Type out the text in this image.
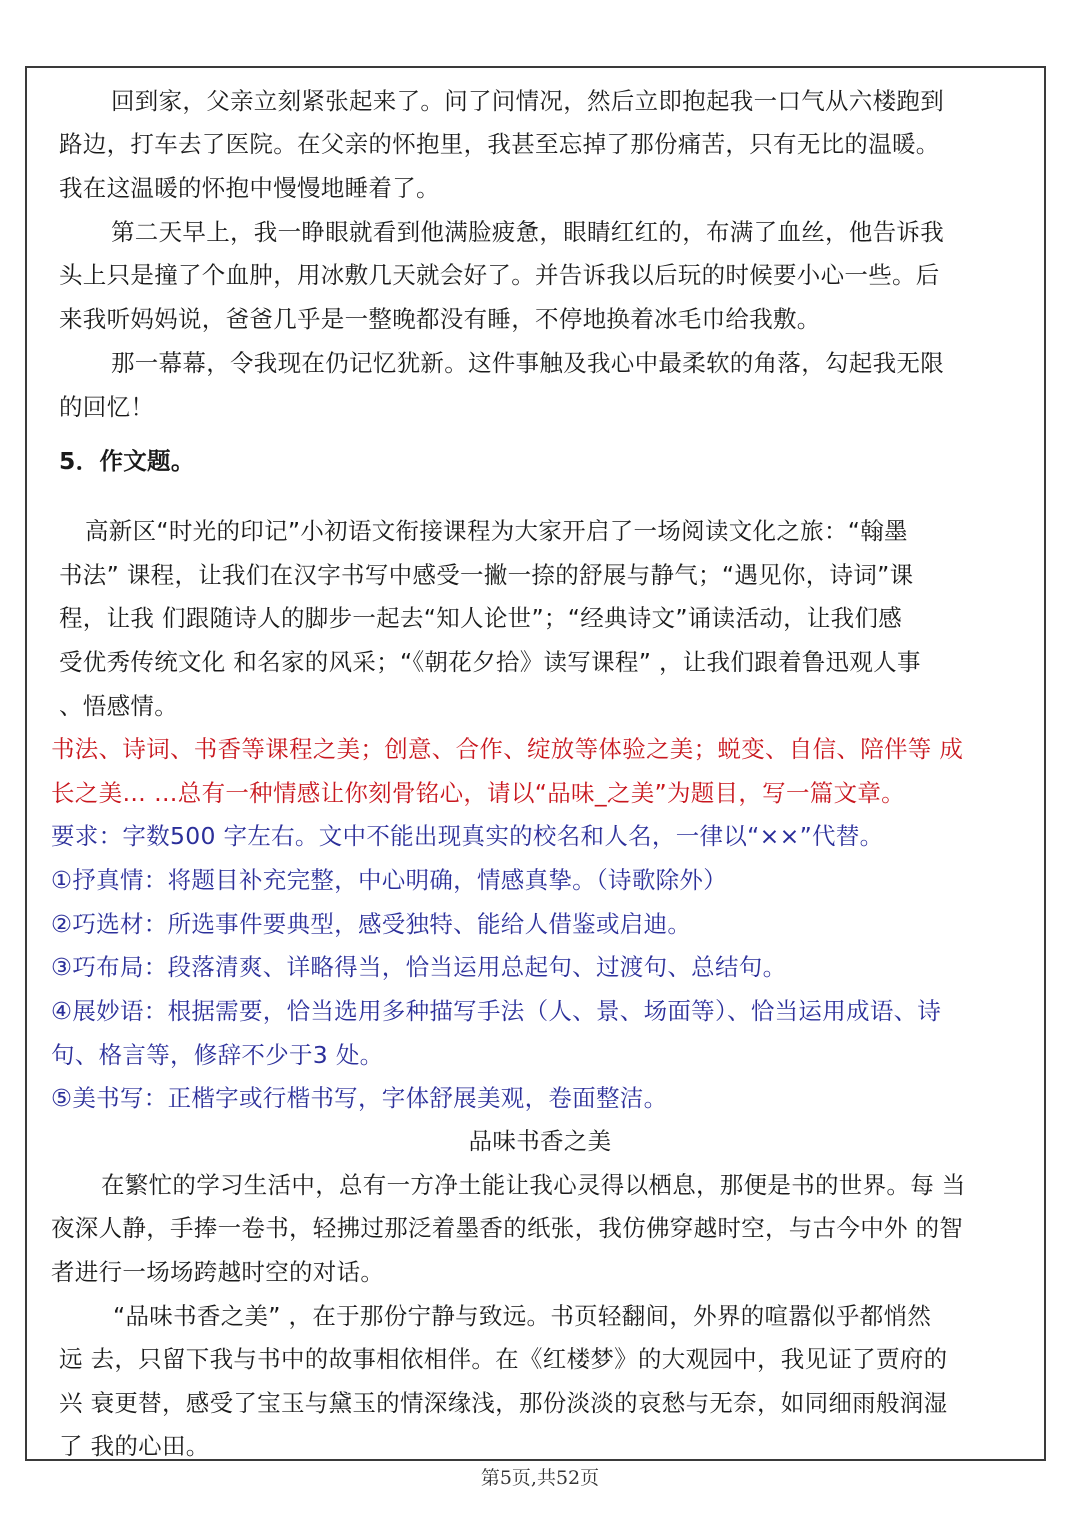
回到家，父亲立刻紧张起来了。问了问情况，然后立即抱起我一口气从六楼跑到
路边，打车去了医院。在父亲的怀抱里，我甚至忘掉了那份痛苦，只有无比的温暖。
我在这温暖的怀抱中慢慢地睡着了。
第二天早上，我一睁眼就看到他满脸疲惫，眼睛红红的，布满了血丝，他告诉我
头上只是撞了个血肿，用冰敷几天就会好了。并告诉我以后玩的时候要小心一些。后
来我听妈妈说，爸爸几乎是一整晚都没有睡，不停地换着冰毛巾给我敷。
那一幕幕，令我现在仍记忆犹新。这件事触及我心中最柔软的角落，勾起我无限
的回忆！
5．作文题。
高新区“时光的印记”小初语文衔接课程为大家开启了一场阅读文化之旅：“翰墨
书法” 课程，让我们在汉字书写中感受一撇一捺的舒展与静气；“遇见你，诗词”课
程，让我 们跟随诗人的脚步一起去“知人论世”；“经典诗文”诵读活动，让我们感
受优秀传统文化 和名家的风采；“《朝花夕拾》读写课程” ，让我们跟着鲁迅观人事
、悟感情。
书法、诗词、书香等课程之美；创意、合作、绽放等体验之美；蜕变、自信、陪伴等 成
长之美… …总有一种情感让你刻骨铭心，请以“品味_之美”为题目，写一篇文章。
要求：字数500 字左右。文中不能出现真实的校名和人名，一律以“××”代替。
①抒真情：将题目补充完整，中心明确，情感真挚。（诗歌除外）
②巧选材：所选事件要典型，感受独特、能给人借鉴或启迪。
③巧布局：段落清爽、详略得当，恰当运用总起句、过渡句、总结句。
④展妙语：根据需要，恰当选用多种描写手法（人、景、场面等）、恰当运用成语、诗
句、格言等，修辞不少于3 处。
⑤美书写：正楷字或行楷书写，字体舒展美观，卷面整洁。
品味书香之美
在繁忙的学习生活中，总有一方净土能让我心灵得以栖息，那便是书的世界。每 当
夜深人静，手捧一卷书，轻拂过那泛着墨香的纸张，我仿佛穿越时空，与古今中外 的智
者进行一场场跨越时空的对话。
“品味书香之美” ，在于那份宁静与致远。书页轻翻间，外界的喧嚣似乎都悄然
远 去，只留下我与书中的故事相依相伴。在《红楼梦》的大观园中，我见证了贾府的
兴 衰更替，感受了宝玉与黛玉的情深缘浅，那份淡淡的哀愁与无奈，如同细雨般润湿
了 我的心田。
第5页,共52页
